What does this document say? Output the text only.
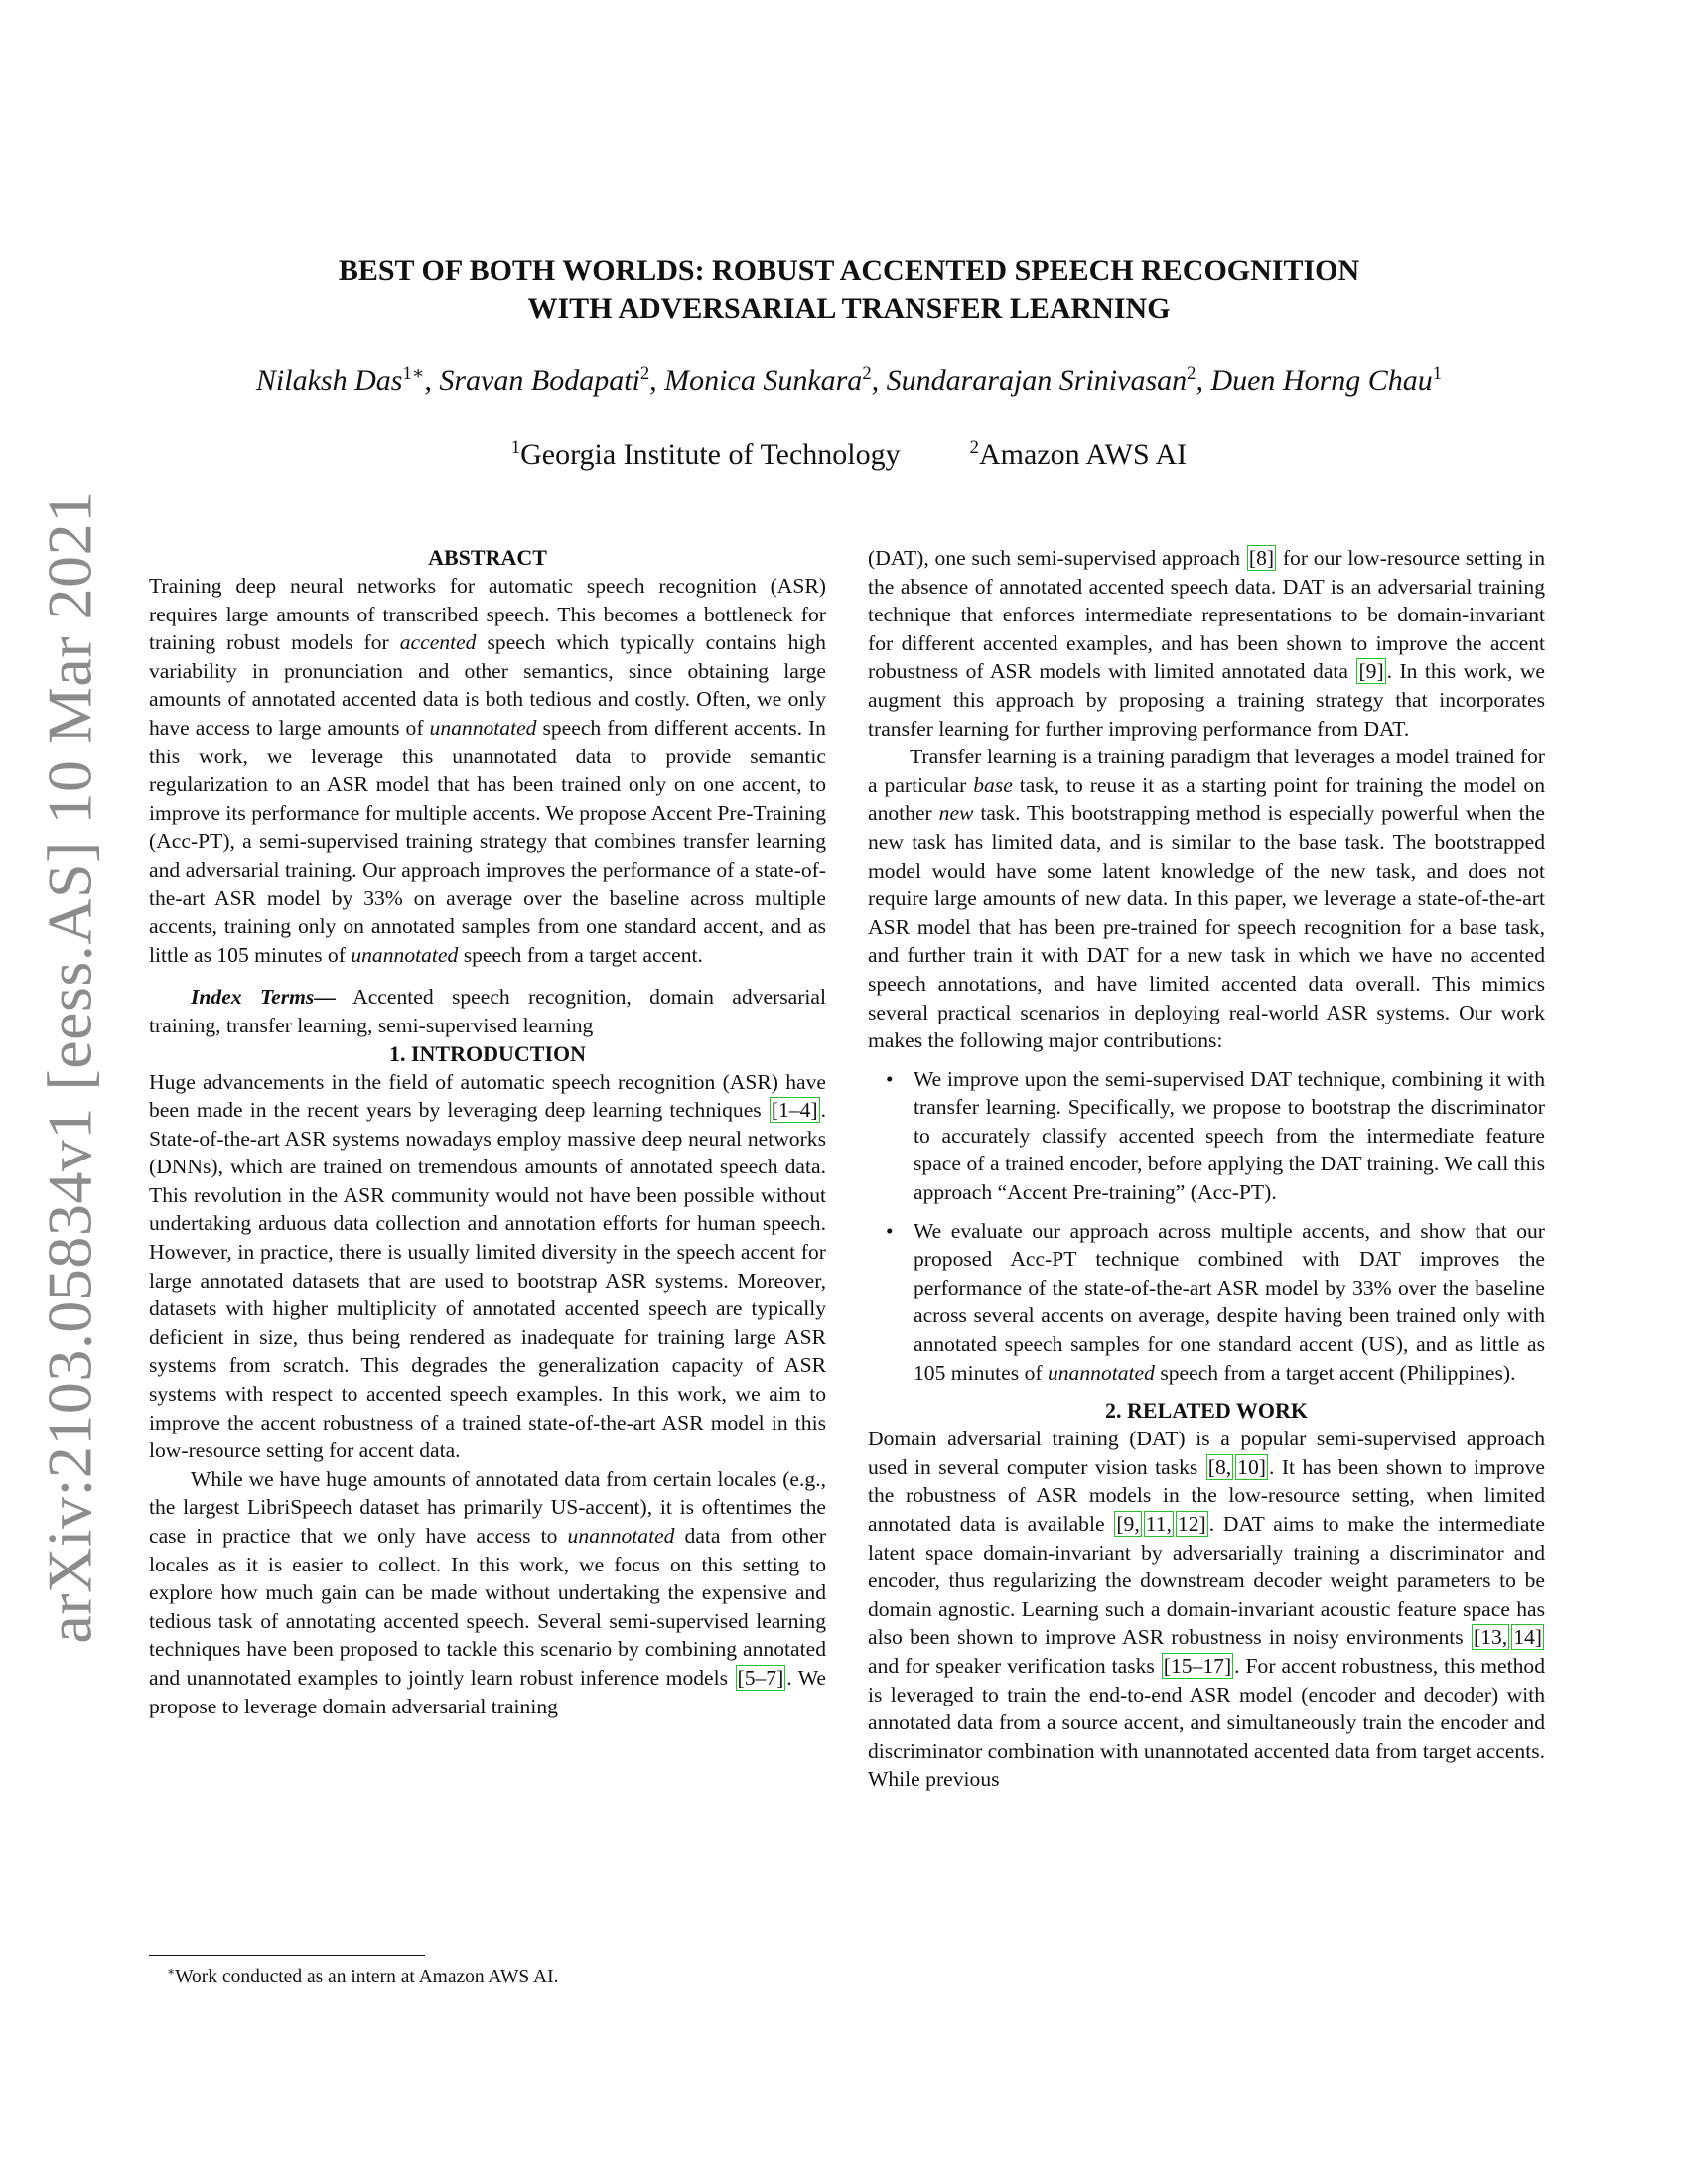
arXiv:2103.05834v1 [eess.AS] 10 Mar 2021
BEST OF BOTH WORLDS: ROBUST ACCENTED SPEECH RECOGNITION
WITH ADVERSARIAL TRANSFER LEARNING
Nilaksh Das$^{1∗}$, Sravan Bodapati$^2$, Monica Sunkara$^2$, Sundararajan Srinivasan$^2$, Duen Horng Chau$^1$
$^1$Georgia Institute of Technology	$^2$Amazon AWS AI

ABSTRACT

Training deep neural networks for automatic speech recognition (ASR) requires large amounts of transcribed speech. This becomes a bottleneck for training robust models for accented speech which typically contains high variability in pronunciation and other semantics, since obtaining large amounts of annotated accented data is both tedious and costly. Often, we only have access to large amounts of unannotated speech from different accents. In this work, we leverage this unannotated data to provide semantic regularization to an ASR model that has been trained only on one accent, to improve its performance for multiple accents. We propose Accent Pre-Training (Acc-PT), a semi-supervised training strategy that combines transfer learning and adversarial training. Our approach improves the performance of a state-of-the-art ASR model by 33% on average over the baseline across multiple accents, training only on annotated samples from one standard accent, and as little as 105 minutes of unannotated speech from a target accent.

Index Terms— Accented speech recognition, domain adversarial training, transfer learning, semi-supervised learning

1. INTRODUCTION

Huge advancements in the field of automatic speech recognition (ASR) have been made in the recent years by leveraging deep learning techniques [1–4] . State-of-the-art ASR systems nowadays employ massive deep neural networks (DNNs), which are trained on tremendous amounts of annotated speech data. This revolution in the ASR community would not have been possible without undertaking arduous data collection and annotation efforts for human speech. However, in practice, there is usually limited diversity in the speech accent for large annotated datasets that are used to bootstrap ASR systems. Moreover, datasets with higher multiplicity of annotated accented speech are typically deficient in size, thus being rendered as inadequate for training large ASR systems from scratch. This degrades the generalization capacity of ASR systems with respect to accented speech examples. In this work, we aim to improve the accent robustness of a trained state-of-the-art ASR model in this low-resource setting for accent data.

While we have huge amounts of annotated data from certain locales (e.g., the largest LibriSpeech dataset has primarily US-accent), it is oftentimes the case in practice that we only have access to unannotated data from other locales as it is easier to collect. In this work, we focus on this setting to explore how much gain can be made without undertaking the expensive and tedious task of annotating accented speech. Several semi-supervised learning techniques have been proposed to tackle this scenario by combining annotated and unannotated examples to jointly learn robust inference models [5–7] . We propose to leverage domain adversarial training

(DAT), one such semi-supervised approach [8] for our low-resource setting in the absence of annotated accented speech data. DAT is an adversarial training technique that enforces intermediate representations to be domain-invariant for different accented examples, and has been shown to improve the accent robustness of ASR models with limited annotated data [9] . In this work, we augment this approach by proposing a training strategy that incorporates transfer learning for further improving performance from DAT.

Transfer learning is a training paradigm that leverages a model trained for a particular base task, to reuse it as a starting point for training the model on another new task. This bootstrapping method is especially powerful when the new task has limited data, and is similar to the base task. The bootstrapped model would have some latent knowledge of the new task, and does not require large amounts of new data. In this paper, we leverage a state-of-the-art ASR model that has been pre-trained for speech recognition for a base task, and further train it with DAT for a new task in which we have no accented speech annotations, and have limited accented data overall. This mimics several practical scenarios in deploying real-world ASR systems. Our work makes the following major contributions:

• We improve upon the semi-supervised DAT technique, combining it with transfer learning. Specifically, we propose to bootstrap the discriminator to accurately classify accented speech from the intermediate feature space of a trained encoder, before applying the DAT training. We call this approach “Accent Pre-training” (Acc-PT).
• We evaluate our approach across multiple accents, and show that our proposed Acc-PT technique combined with DAT improves the performance of the state-of-the-art ASR model by 33% over the baseline across several accents on average, despite having been trained only with annotated speech samples for one standard accent (US), and as little as 105 minutes of unannotated speech from a target accent (Philippines).

2. RELATED WORK

Domain adversarial training (DAT) is a popular semi-supervised approach used in several computer vision tasks [8, 10] . It has been shown to improve the robustness of ASR models in the low-resource setting, when limited annotated data is available [9, 11, 12] . DAT aims to make the intermediate latent space domain-invariant by adversarially training a discriminator and encoder, thus regularizing the downstream decoder weight parameters to be domain agnostic. Learning such a domain-invariant acoustic feature space has also been shown to improve ASR robustness in noisy environments [13, 14] and for speaker verification tasks [15–17] . For accent robustness, this method is leveraged to train the end-to-end ASR model (encoder and decoder) with annotated data from a source accent, and simultaneously train the encoder and discriminator combination with unannotated accented data from target accents. While previous

∗Work conducted as an intern at Amazon AWS AI.
